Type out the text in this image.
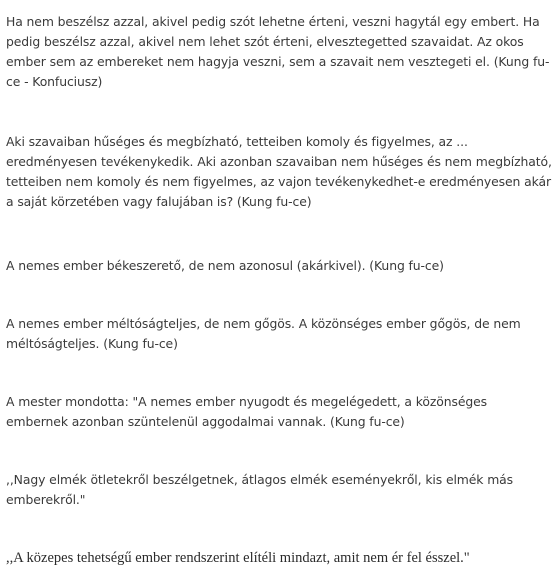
Ha nem beszélsz azzal, akivel pedig szót lehetne érteni, veszni hagytál egy embert. Ha pedig beszélsz azzal, akivel nem lehet szót érteni, elvesztegetted szavaidat. Az okos ember sem az embereket nem hagyja veszni, sem a szavait nem vesztegeti el. (Kung fu-ce - Konfuciusz)

Aki szavaiban hűséges és megbízható, tetteiben komoly és figyelmes, az ... eredményesen tevékenykedik. Aki azonban szavaiban nem hűséges és nem megbízható, tetteiben nem komoly és nem figyelmes, az vajon tevékenykedhet-e eredményesen akár a saját körzetében vagy falujában is? (Kung fu-ce)

A nemes ember békeszerető, de nem azonosul (akárkivel). (Kung fu-ce)

A nemes ember méltóságteljes, de nem gőgös. A közönséges ember gőgös, de nem méltóságteljes. (Kung fu-ce)

A mester mondotta: "A nemes ember nyugodt és megelégedett, a közönséges embernek azonban szüntelenül aggodalmai vannak. (Kung fu-ce)

,,Nagy elmék ötletekről beszélgetnek, átlagos elmék eseményekről, kis elmék más emberekről."

,,A közepes tehetségű ember rendszerint elítéli mindazt, amit nem ér fel ésszel."
